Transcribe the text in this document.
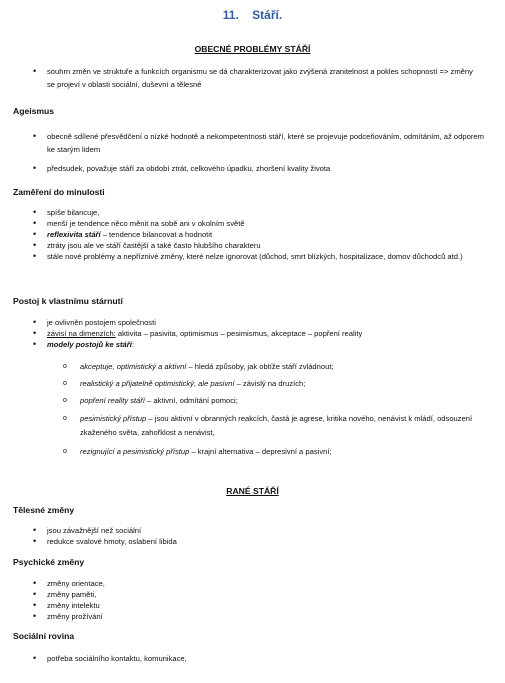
11. Stáří.
OBECNÉ PROBLÉMY STÁŘÍ
• souhrn změn ve struktuře a funkcích organismu se dá charakterizovat jako zvýšená zranitelnost a pokles schopností => změny se projeví v oblasti sociální, duševní a tělesné
Ageismus
• obecně sdílené přesvědčení o nízké hodnotě a nekompetentnosti stáří, které se projevuje podceňováním, odmítáním, až odporem ke starým lidem
• předsudek, považuje stáří za období ztrát, celkového úpadku, zhoršení kvality života
Zaměření do minulosti
• spíše bilancuje,
• menší je tendence něco měnit na sobě ani v okolním světě
• reflexivita stáří – tendence bilancovat a hodnotit
• ztráty jsou ale ve stáří častější a také často hlubšího charakteru
• stále nové problémy a nepříznivé změny, které nelze ignorovat (důchod, smrt blízkých, hospitalizace, domov důchodců atd.)
Postoj k vlastnímu stárnutí
• je ovlivněn postojem společnosti
• závisí na dimenzích: aktivita – pasivita, optimismus – pesimismus, akceptace – popření reality
• modely postojů ke stáří:
o akceptuje, optimistický a aktivní – hledá způsoby, jak obtíže stáří zvládnout;
o realistický a přijatelně optimistický, ale pasivní – závislý na druzích;
o popření reality stáří – aktivní, odmítání pomoci;
o pesimistický přístup – jsou aktivní v obranných reakcích, častá je agrese, kritika nového, nenávist k mládí, odsouzení zkaženého světa, zahořklost a nenávist,
o rezignující a pesimistický přístup – krajní alternativa – depresivní a pasivní;
RANÉ STÁŘÍ
Tělesné změny
• jsou závažnější než sociální
• redukce svalové hmoty, oslabení libida
Psychické změny
• změny orientace,
• změny paměti,
• změny intelektu
• změny prožívání
Sociální rovina
• potřeba sociálního kontaktu, komunikace,
